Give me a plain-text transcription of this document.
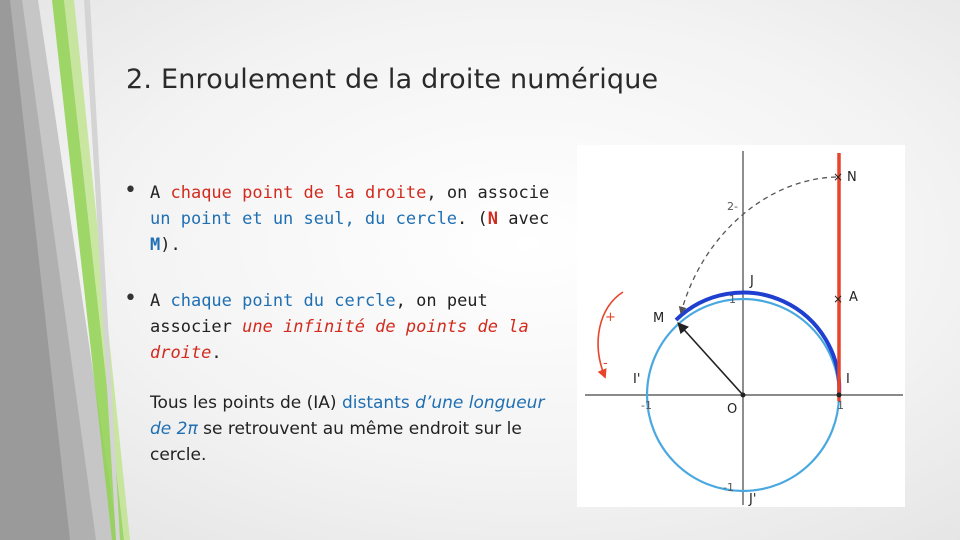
2. Enroulement de la droite numérique
• A chaque point de la droite, on associe un point et un seul, du cercle. (N avec M).
• A chaque point du cercle, on peut associer une infinité de points de la droite.
Tous les points de (IA) distants d’une longueur de 2π se retrouvent au même endroit sur le cercle.
×
×
N
A
J
M
I'	I
O
J'
+
-
2-
1
-1	1
-1
